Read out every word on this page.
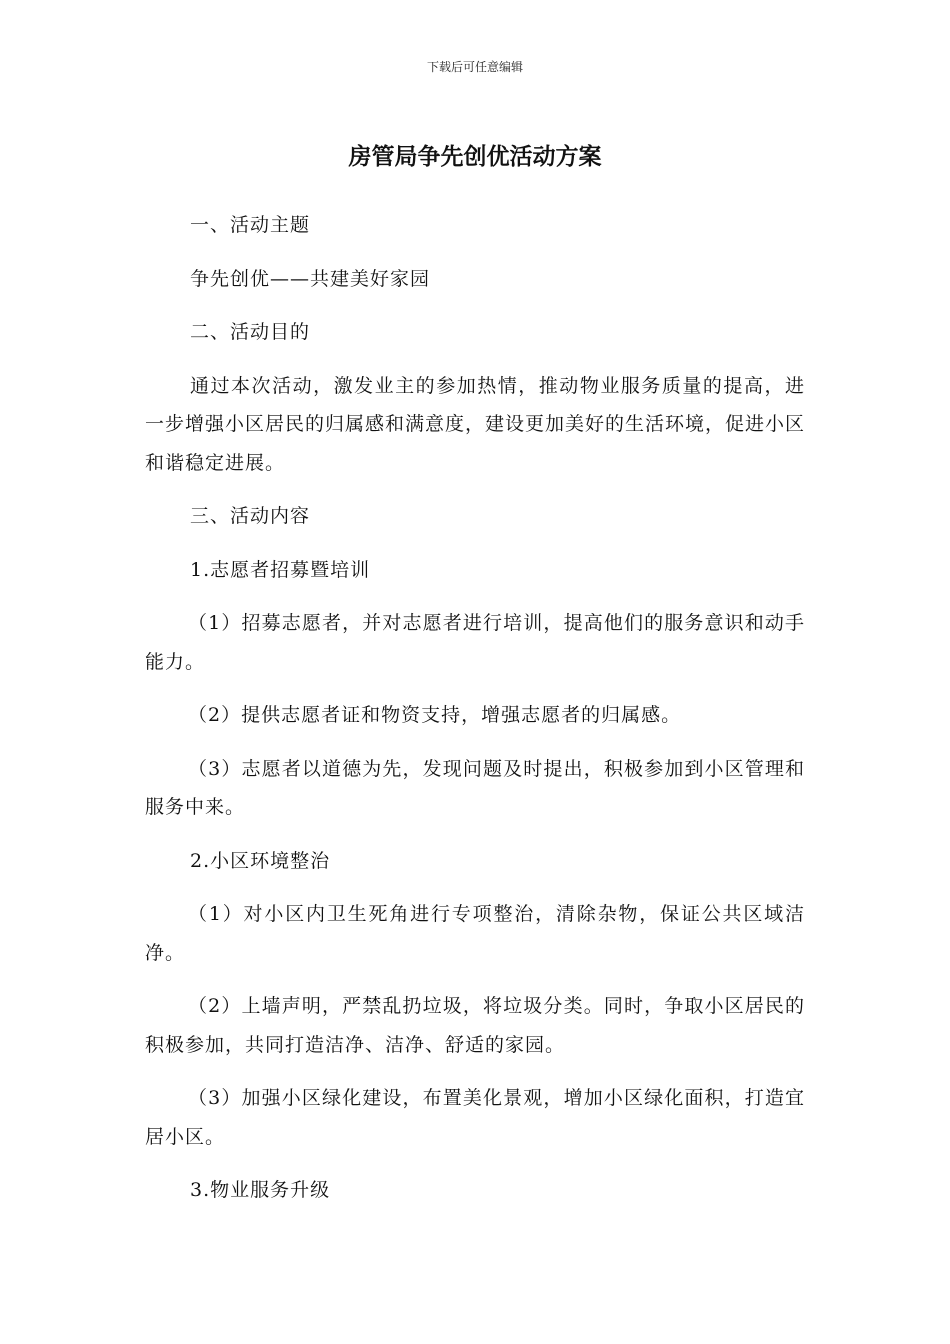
下载后可任意编辑
房管局争先创优活动方案

一、活动主题

争先创优——共建美好家园

二、活动目的

通过本次活动，激发业主的参加热情，推动物业服务质量的提高，进一步增强小区居民的归属感和满意度，建设更加美好的生活环境，促进小区和谐稳定进展。

三、活动内容

1.志愿者招募暨培训

（1）招募志愿者，并对志愿者进行培训，提高他们的服务意识和动手能力。

（2）提供志愿者证和物资支持，增强志愿者的归属感。

（3）志愿者以道德为先，发现问题及时提出，积极参加到小区管理和服务中来。

2.小区环境整治

（1）对小区内卫生死角进行专项整治，清除杂物，保证公共区域洁净。

（2）上墙声明，严禁乱扔垃圾，将垃圾分类。同时，争取小区居民的积极参加，共同打造洁净、洁净、舒适的家园。

（3）加强小区绿化建设，布置美化景观，增加小区绿化面积，打造宜居小区。

3.物业服务升级
